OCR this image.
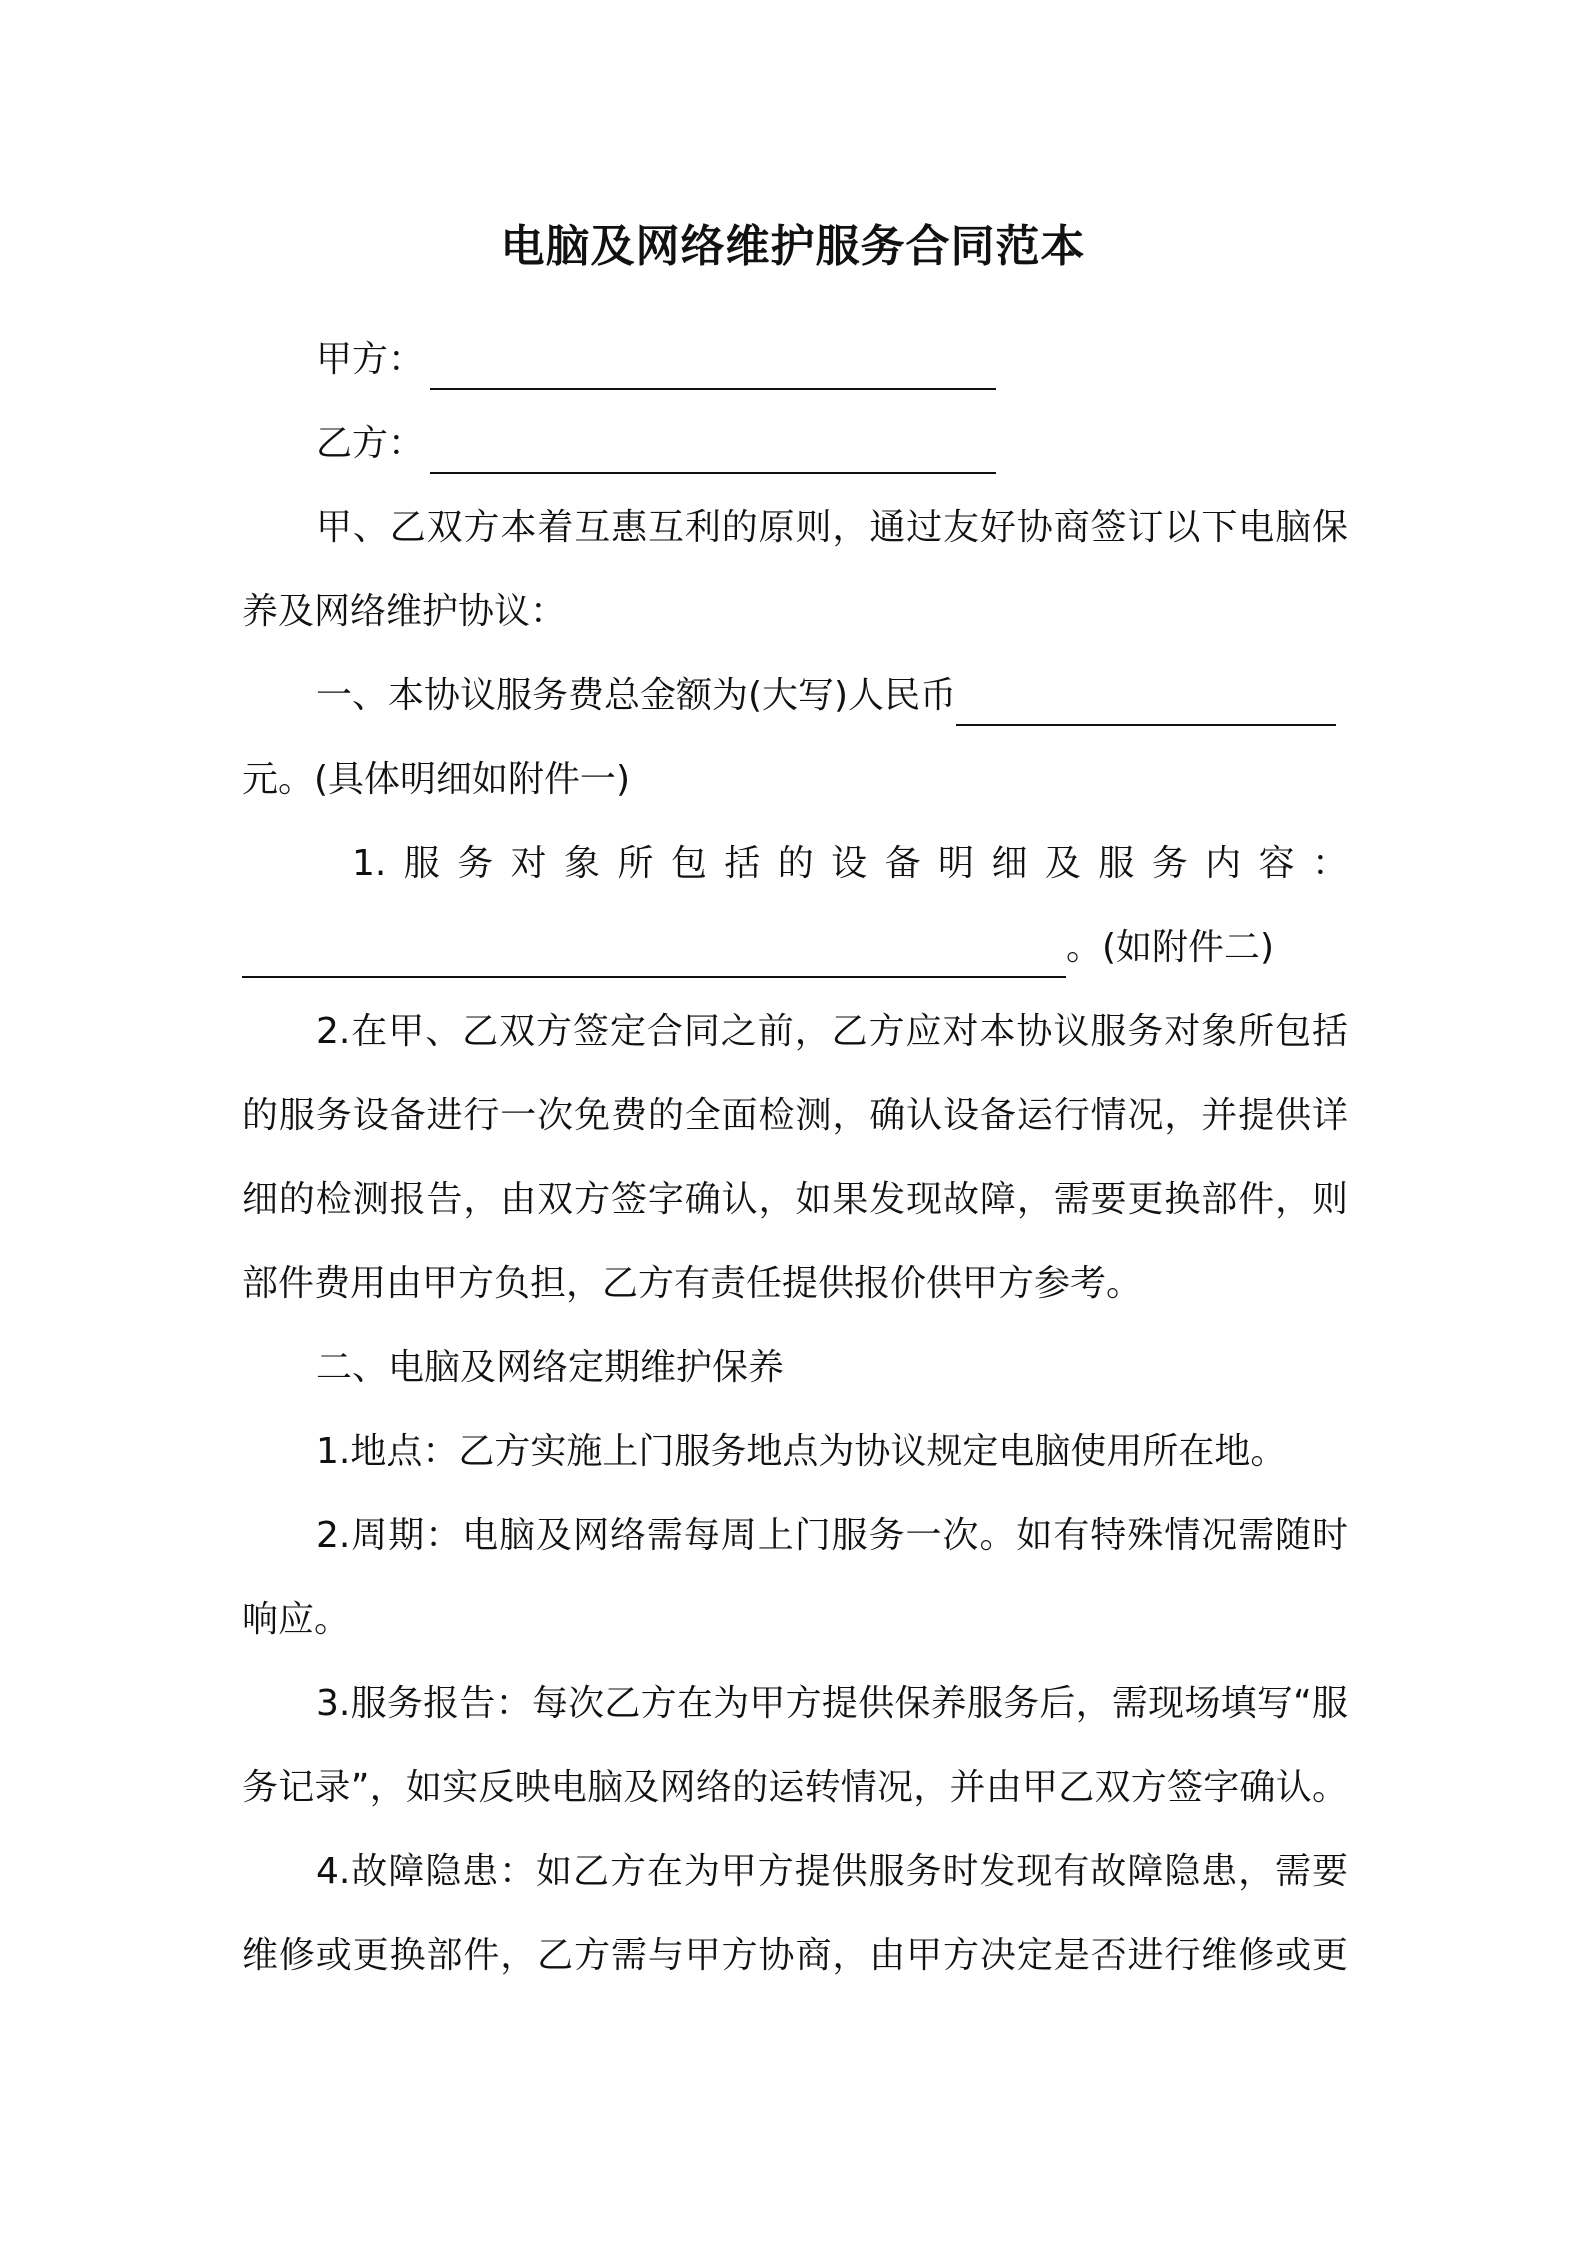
电脑及网络维护服务合同范本
甲方：
乙方：
甲、乙双方本着互惠互利的原则，通过友好协商签订以下电脑保
养及网络维护协议：
一、本协议服务费总金额为(大写)人民币
元。(具体明细如附件一)
1.服务对象所包括的设备明细及服务内容：
。(如附件二)
2.在甲、乙双方签定合同之前，乙方应对本协议服务对象所包括
的服务设备进行一次免费的全面检测，确认设备运行情况，并提供详
细的检测报告，由双方签字确认，如果发现故障，需要更换部件，则
部件费用由甲方负担，乙方有责任提供报价供甲方参考。
二、电脑及网络定期维护保养
1.地点：乙方实施上门服务地点为协议规定电脑使用所在地。
2.周期：电脑及网络需每周上门服务一次。如有特殊情况需随时
响应。
3.服务报告：每次乙方在为甲方提供保养服务后，需现场填写“服
务记录”，如实反映电脑及网络的运转情况，并由甲乙双方签字确认。
4.故障隐患：如乙方在为甲方提供服务时发现有故障隐患，需要
维修或更换部件，乙方需与甲方协商，由甲方决定是否进行维修或更
